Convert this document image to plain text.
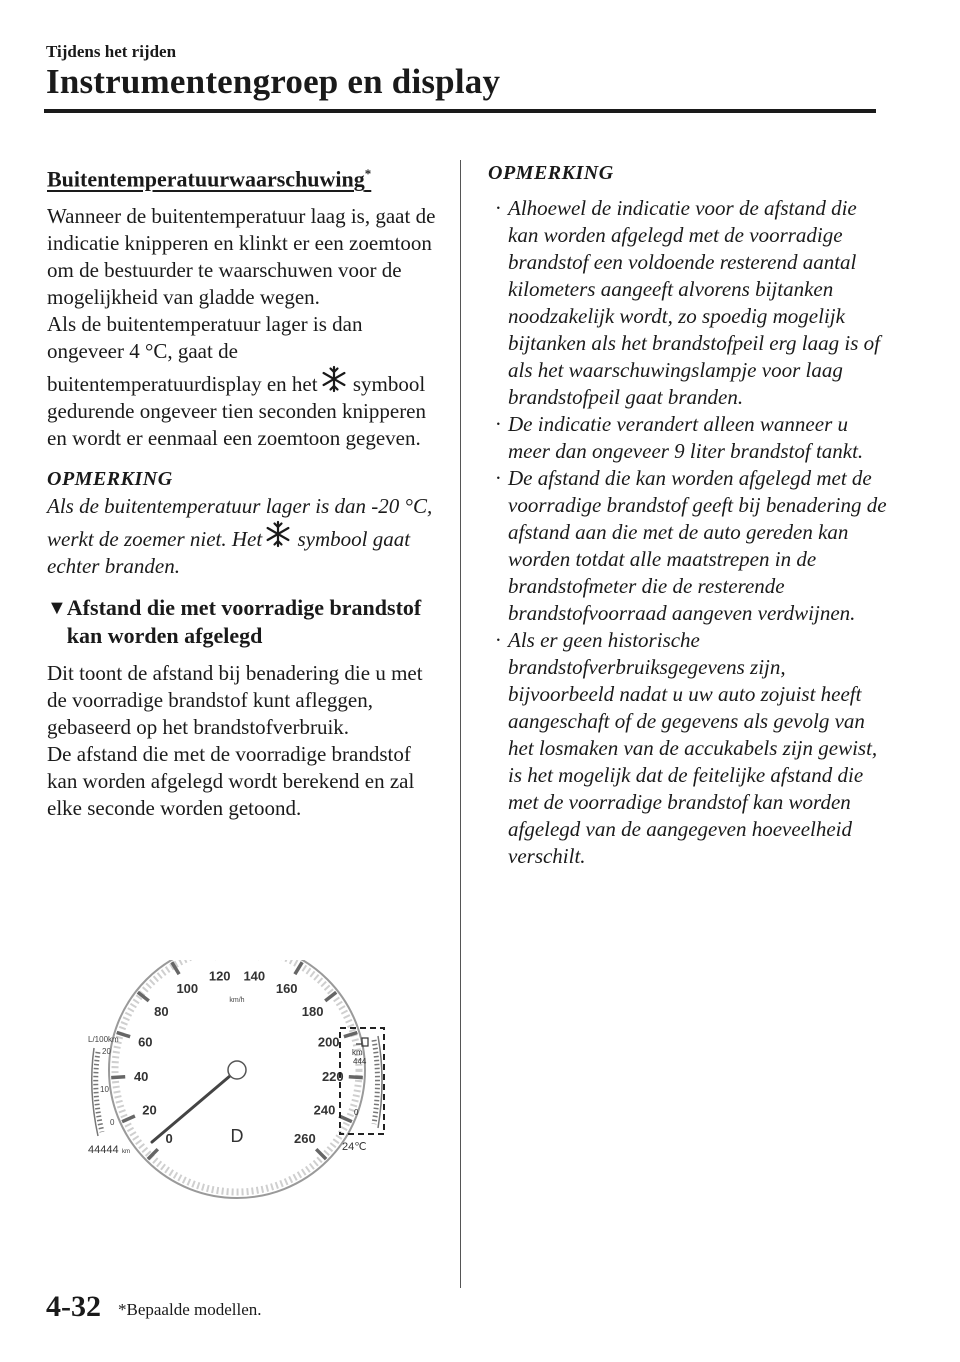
Tijdens het rijden
Instrumentengroep en display
Buitentemperatuurwaarschuwing*

Wanneer de buitentemperatuur laag is, gaat de indicatie knipperen en klinkt er een zoemtoon om de bestuurder te waarschuwen voor de mogelijkheid van gladde wegen.

Als de buitentemperatuur lager is dan ongeveer 4 °C, gaat de buitentemperatuurdisplay en het symbool gedurende ongeveer tien seconden knipperen en wordt er eenmaal een zoemtoon gegeven.

OPMERKING

Als de buitentemperatuur lager is dan -20 °C, werkt de zoemer niet. Het symbool gaat echter branden.

▼ Afstand die met voorradige brandstof kan worden afgelegd

Dit toont de afstand bij benadering die u met de voorradige brandstof kunt afleggen, gebaseerd op het brandstofverbruik.

De afstand die met de voorradige brandstof kan worden afgelegd wordt berekend en zal elke seconde worden getoond.

OPMERKING

· Alhoewel de indicatie voor de afstand die kan worden afgelegd met de voorradige brandstof een voldoende resterend aantal kilometers aangeeft alvorens bijtanken noodzakelijk wordt, zo spoedig mogelijk bijtanken als het brandstofpeil erg laag is of als het waarschuwingslampje voor laag brandstofpeil gaat branden.
· De indicatie verandert alleen wanneer u meer dan ongeveer 9 liter brandstof tankt.
· De afstand die kan worden afgelegd met de voorradige brandstof geeft bij benadering de afstand aan die met de auto gereden kan worden totdat alle maatstrepen in de brandstofmeter die de resterende brandstofvoorraad aangeven verdwijnen.
· Als er geen historische brandstofverbruiksgegevens zijn, bijvoorbeeld nadat u uw auto zojuist heeft aangeschaft of de gegevens als gevolg van het losmaken van de accukabels zijn gewist, is het mogelijk dat de feitelijke afstand die met de voorradige brandstof kan worden afgelegd van de aangegeven hoeveelheid verschilt.
0
20
40
60
80
100
120 140
160
180
200
220
240
260
km/h
D
L/100km
20
10
0
44444 km
km
444
0
24℃
4-32 *Bepaalde modellen.
